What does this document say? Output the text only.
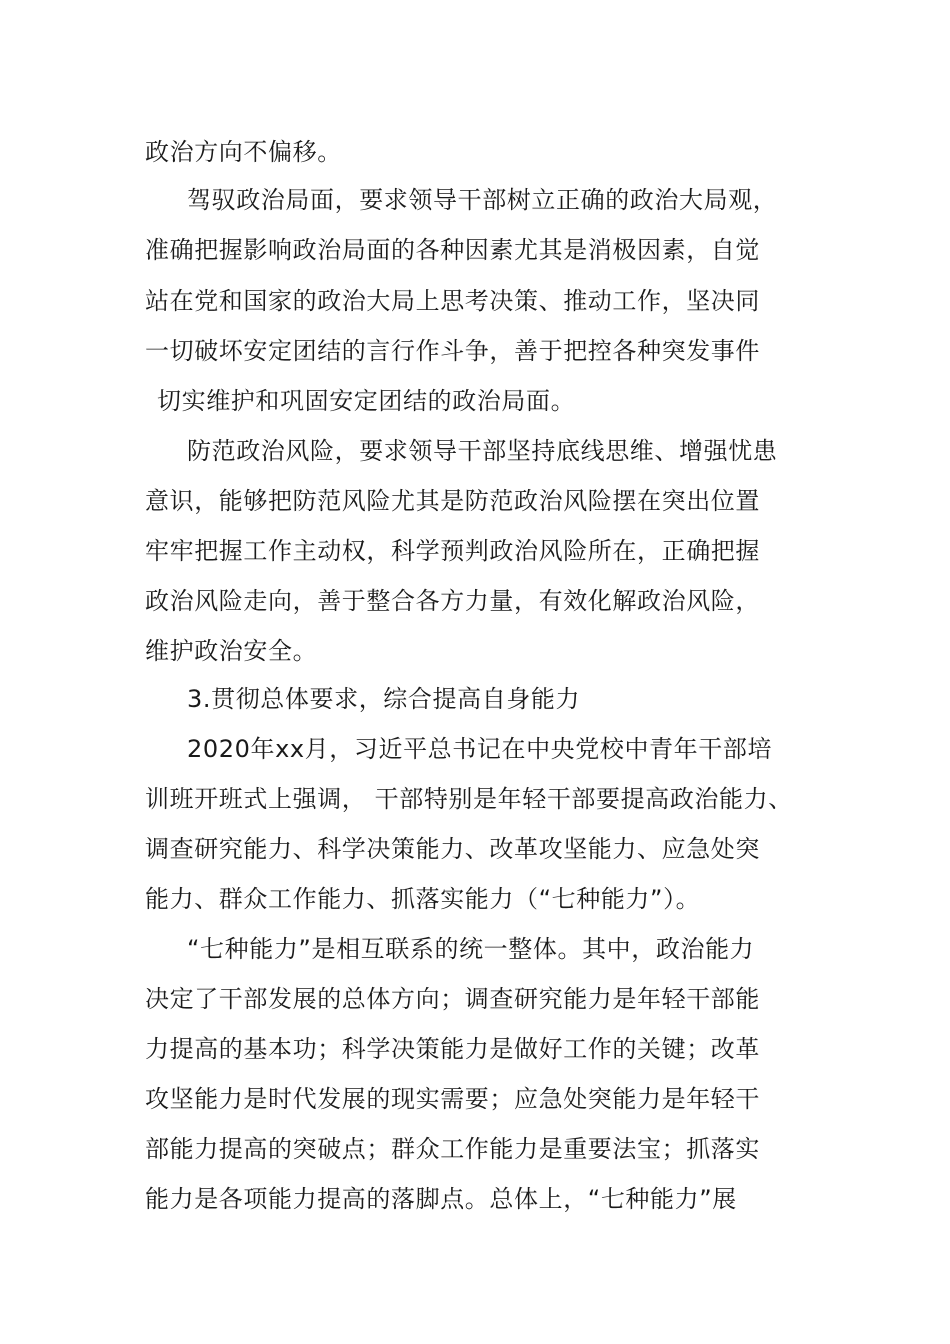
政治方向不偏移。
驾驭政治局面，要求领导干部树立正确的政治大局观，
准确把握影响政治局面的各种因素尤其是消极因素，自觉
站在党和国家的政治大局上思考决策、推动工作，坚决同
一切破坏安定团结的言行作斗争，善于把控各种突发事件
切实维护和巩固安定团结的政治局面。
防范政治风险，要求领导干部坚持底线思维、增强忧患
意识，能够把防范风险尤其是防范政治风险摆在突出位置
牢牢把握工作主动权，科学预判政治风险所在，正确把握
政治风险走向，善于整合各方力量，有效化解政治风险，
维护政治安全。
3.贯彻总体要求，综合提高自身能力
2020年xx月，习近平总书记在中央党校中青年干部培
训班开班式上强调， 干部特别是年轻干部要提高政治能力、
调查研究能力、科学决策能力、改革攻坚能力、应急处突
能力、群众工作能力、抓落实能力（“七种能力”）。
“七种能力”是相互联系的统一整体。其中，政治能力
决定了干部发展的总体方向；调查研究能力是年轻干部能
力提高的基本功；科学决策能力是做好工作的关键；改革
攻坚能力是时代发展的现实需要；应急处突能力是年轻干
部能力提高的突破点；群众工作能力是重要法宝；抓落实
能力是各项能力提高的落脚点。总体上，“七种能力”展
